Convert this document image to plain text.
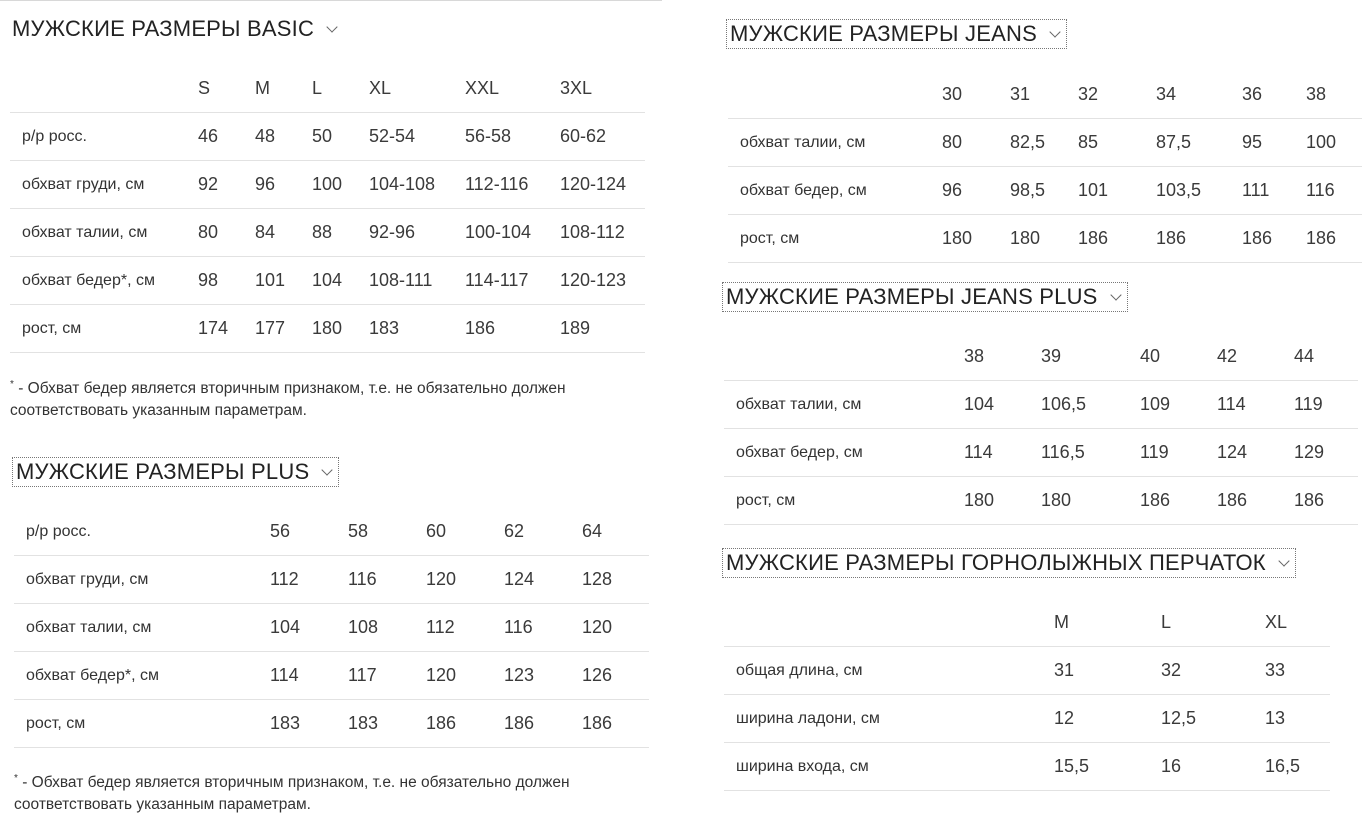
МУЖСКИЕ РАЗМЕРЫ BASIC
	S	M	L	XL	XXL	3XL
р/р росс.	46	48	50	52-54	56-58	60-62
обхват груди, см	92	96	100	104-108	112-116	120-124
обхват талии, см	80	84	88	92-96	100-104	108-112
обхват бедер*, см	98	101	104	108-111	114-117	120-123
рост, см	174	177	180	183	186	189
* - Обхват бедер является вторичным признаком, т.е. не обязательно должен соответствовать указанным параметрам.
МУЖСКИЕ РАЗМЕРЫ PLUS
р/р росс.	56	58	60	62	64
обхват груди, см	112	116	120	124	128
обхват талии, см	104	108	112	116	120
обхват бедер*, см	114	117	120	123	126
рост, см	183	183	186	186	186
* - Обхват бедер является вторичным признаком, т.е. не обязательно должен соответствовать указанным параметрам.
МУЖСКИЕ РАЗМЕРЫ JEANS
	30	31	32	34	36	38
обхват талии, см	80	82,5	85	87,5	95	100
обхват бедер, см	96	98,5	101	103,5	111	116
рост, см	180	180	186	186	186	186
МУЖСКИЕ РАЗМЕРЫ JEANS PLUS
	38	39	40	42	44
обхват талии, см	104	106,5	109	114	119
обхват бедер, см	114	116,5	119	124	129
рост, см	180	180	186	186	186
МУЖСКИЕ РАЗМЕРЫ ГОРНОЛЫЖНЫХ ПЕРЧАТОК
	M	L	XL
общая длина, см	31	32	33
ширина ладони, см	12	12,5	13
ширина входа, см	15,5	16	16,5
